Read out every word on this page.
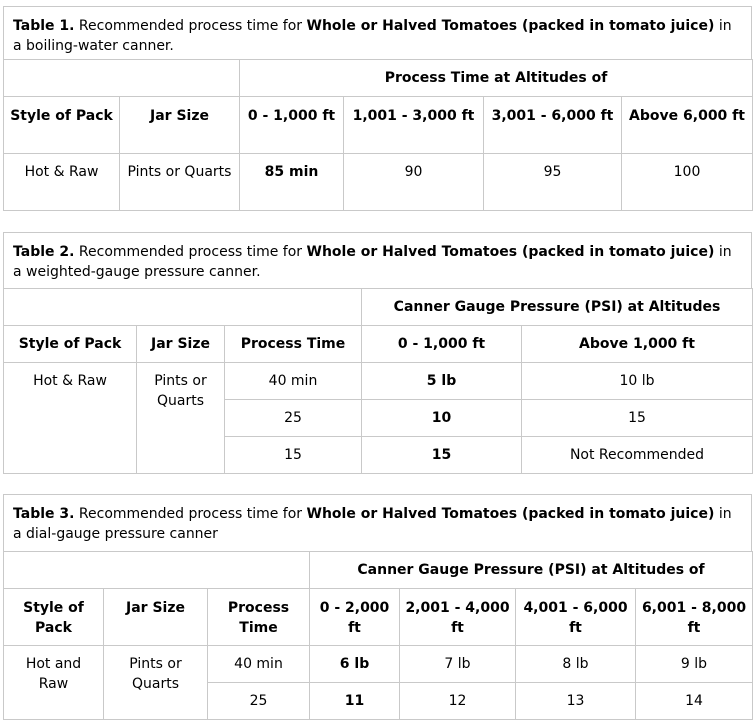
Table 1. Recommended process time for Whole or Halved Tomatoes (packed in tomato juice) in a boiling-water canner.
		Process Time at Altitudes of			
Style of Pack	Jar Size	0 - 1,000 ft	1,001 - 3,000 ft	3,001 - 6,000 ft	Above 6,000 ft
Hot & Raw	Pints or Quarts	85 min	90	95	100
Table 2. Recommended process time for Whole or Halved Tomatoes (packed in tomato juice) in a weighted-gauge pressure canner.
			Canner Gauge Pressure (PSI) at Altitudes	
Style of Pack	Jar Size	Process Time	0 - 1,000 ft	Above 1,000 ft
Hot & Raw	Pints or Quarts	40 min	5 lb	10 lb
		25	10	15
		15	15	Not Recommended
Table 3. Recommended process time for Whole or Halved Tomatoes (packed in tomato juice) in a dial-gauge pressure canner
			Canner Gauge Pressure (PSI) at Altitudes of			
Style of Pack	Jar Size	Process Time	0 - 2,000 ft	2,001 - 4,000 ft	4,001 - 6,000 ft	6,001 - 8,000 ft
Hot and Raw	Pints or Quarts	40 min	6 lb	7 lb	8 lb	9 lb
		25	11	12	13	14
